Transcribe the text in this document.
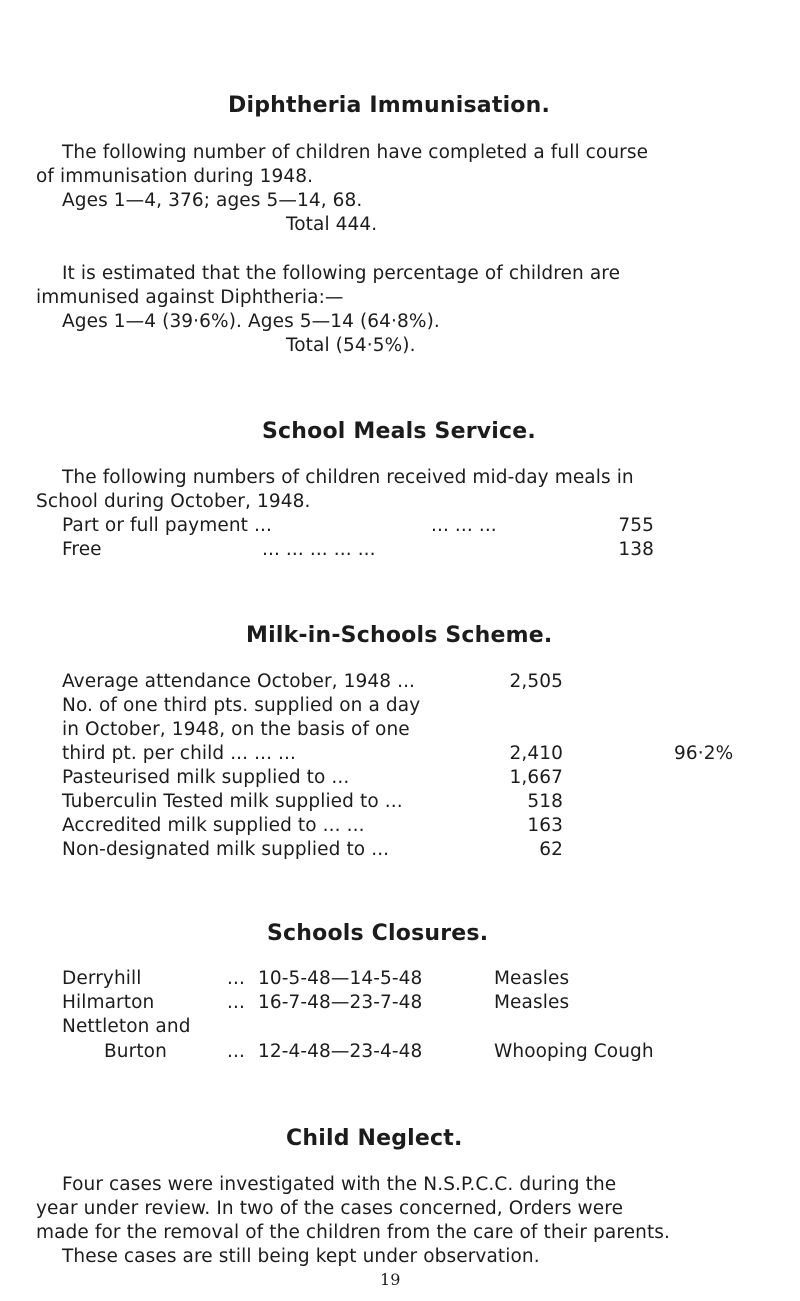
Diphtheria Immunisation.
The following number of children have completed a full course
of immunisation during 1948.
Ages 1—4, 376; ages 5—14, 68.
Total 444.
It is estimated that the following percentage of children are
immunised against Diphtheria:—
Ages 1—4 (39·6%). Ages 5—14 (64·8%).
Total (54·5%).
School Meals Service.
The following numbers of children received mid-day meals in
School during October, 1948.
Part or full payment ...	... ... ...	755
Free	... ... ... ... ...	138
Milk-in-Schools Scheme.
Average attendance October, 1948 ...	2,505
No. of one third pts. supplied on a day
in October, 1948, on the basis of one
third pt. per child ... ... ...	2,410	96·2%
Pasteurised milk supplied to ...	1,667
Tuberculin Tested milk supplied to ...	518
Accredited milk supplied to ... ...	163
Non-designated milk supplied to ...	62
Schools Closures.
Derryhill	... 10-5-48—14-5-48	Measles
Hilmarton	... 16-7-48—23-7-48	Measles
Nettleton and
Burton	... 12-4-48—23-4-48	Whooping Cough
Child Neglect.
Four cases were investigated with the N.S.P.C.C. during the
year under review. In two of the cases concerned, Orders were
made for the removal of the children from the care of their parents.
These cases are still being kept under observation.
19
